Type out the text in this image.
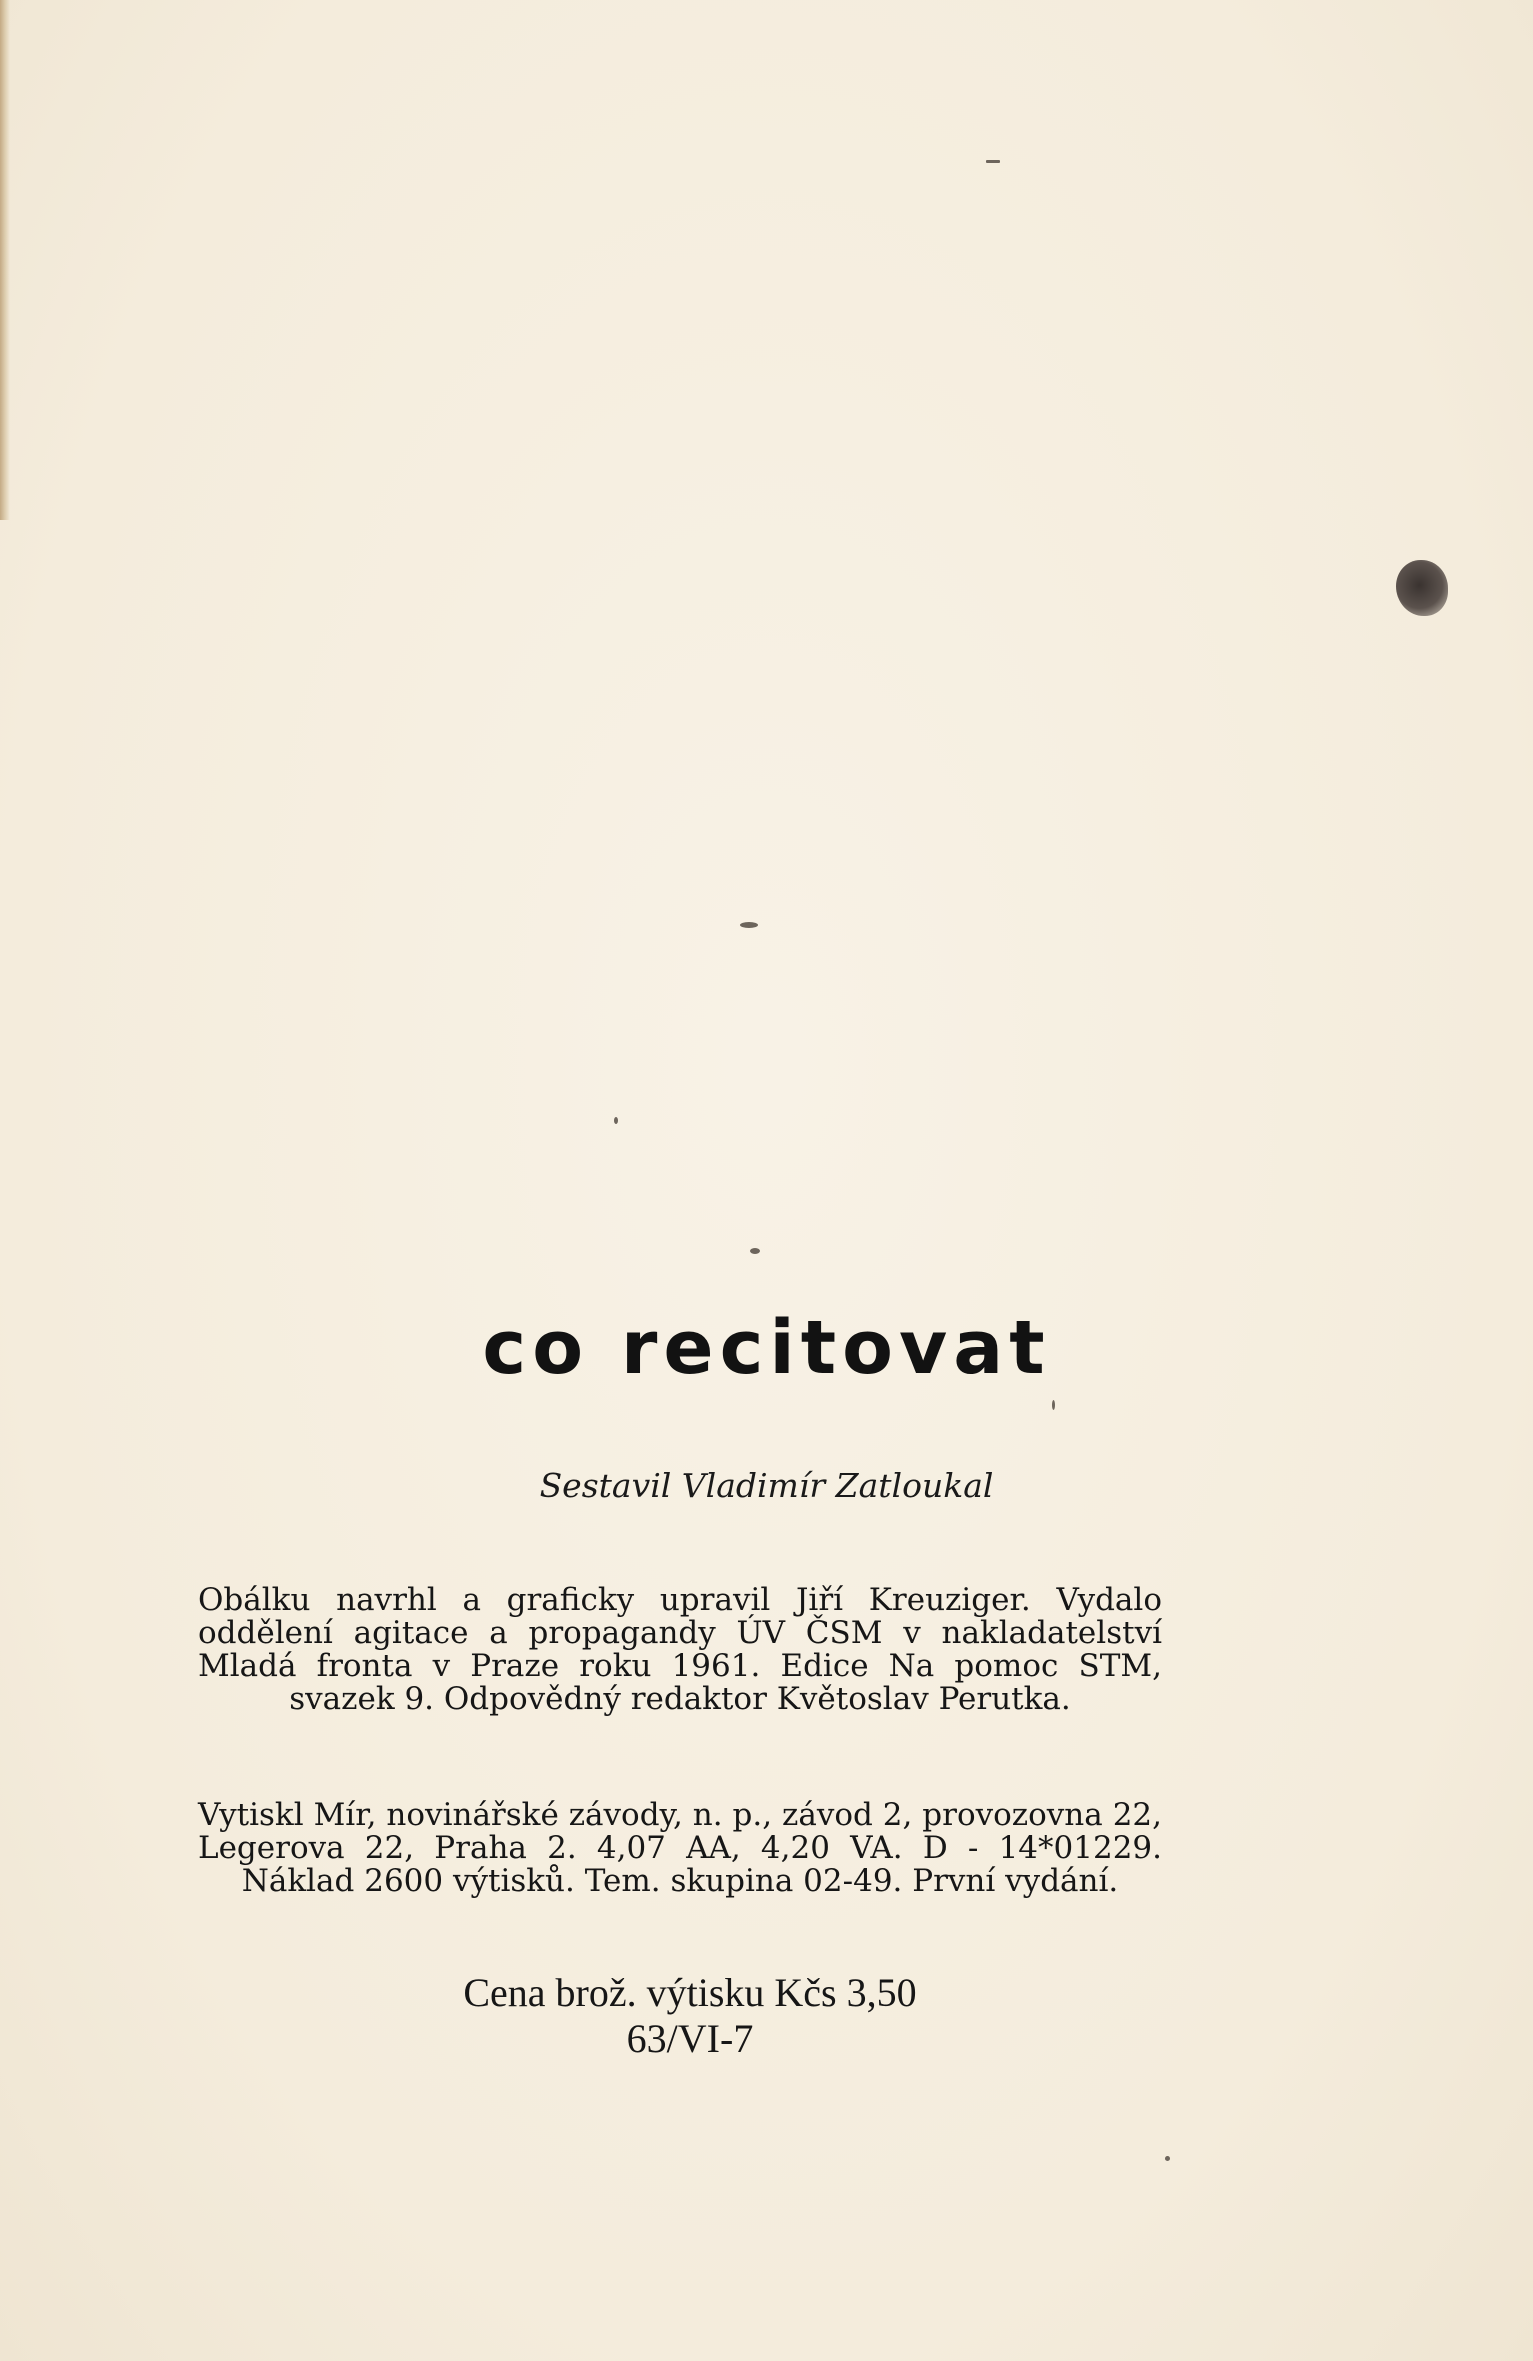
co recitovat
Sestavil Vladimír Zatloukal

Obálku navrhl a graficky upravil Jiří Kreuziger. Vydalo oddělení agitace a propagandy ÚV ČSM v nakladatelství Mladá fronta v Praze roku 1961. Edice Na pomoc STM, svazek 9. Odpovědný redaktor Květoslav Perutka.

Vytiskl Mír, novinářské závody, n. p., závod 2, provozovna 22, Legerova 22, Praha 2. 4,07 AA, 4,20 VA. D - 14*01229. Náklad 2600 výtisků. Tem. skupina 02-49. První vydání.

Cena brož. výtisku Kčs 3,50
63/VI-7
